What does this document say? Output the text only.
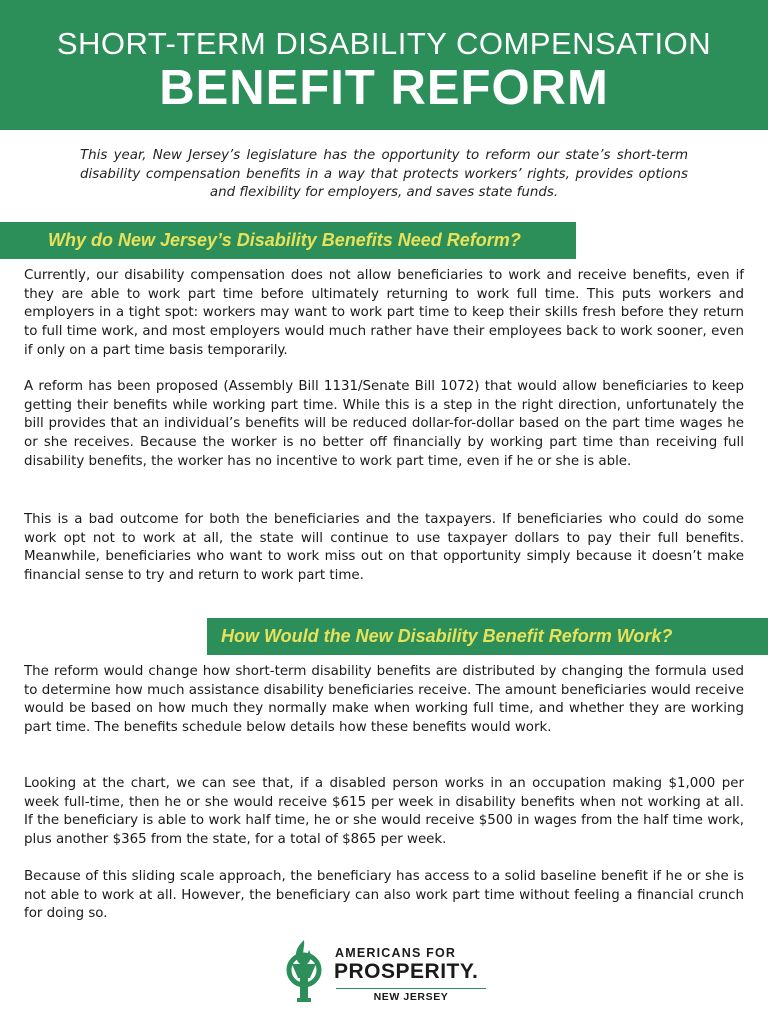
SHORT-TERM DISABILITY COMPENSATION
BENEFIT REFORM
This year, New Jersey’s legislature has the opportunity to reform our state’s short-term disability compensation benefits in a way that protects workers’ rights, provides options and flexibility for employers, and saves state funds.
Why do New Jersey’s Disability Benefits Need Reform?
Currently, our disability compensation does not allow beneficiaries to work and receive benefits, even if they are able to work part time before ultimately returning to work full time. This puts workers and employers in a tight spot: workers may want to work part time to keep their skills fresh before they return to full time work, and most employers would much rather have their employees back to work sooner, even if only on a part time basis temporarily.
A reform has been proposed (Assembly Bill 1131/Senate Bill 1072) that would allow beneficiaries to keep getting their benefits while working part time. While this is a step in the right direction, unfortunately the bill provides that an individual’s benefits will be reduced dollar-for-dollar based on the part time wages he or she receives. Because the worker is no better off financially by working part time than receiving full disability benefits, the worker has no incentive to work part time, even if he or she is able.
This is a bad outcome for both the beneficiaries and the taxpayers. If beneficiaries who could do some work opt not to work at all, the state will continue to use taxpayer dollars to pay their full benefits. Meanwhile, beneficiaries who want to work miss out on that opportunity simply because it doesn’t make financial sense to try and return to work part time.
How Would the New Disability Benefit Reform Work?
The reform would change how short-term disability benefits are distributed by changing the formula used to determine how much assistance disability beneficiaries receive. The amount beneficiaries would receive would be based on how much they normally make when working full time, and whether they are working part time. The benefits schedule below details how these benefits would work.
Looking at the chart, we can see that, if a disabled person works in an occupation making $1,000 per week full-time, then he or she would receive $615 per week in disability benefits when not working at all. If the beneficiary is able to work half time, he or she would receive $500 in wages from the half time work, plus another $365 from the state, for a total of $865 per week.
Because of this sliding scale approach, the beneficiary has access to a solid baseline benefit if he or she is not able to work at all. However, the beneficiary can also work part time without feeling a financial crunch for doing so.
AMERICANS FOR
PROSPERITY.
NEW JERSEY
